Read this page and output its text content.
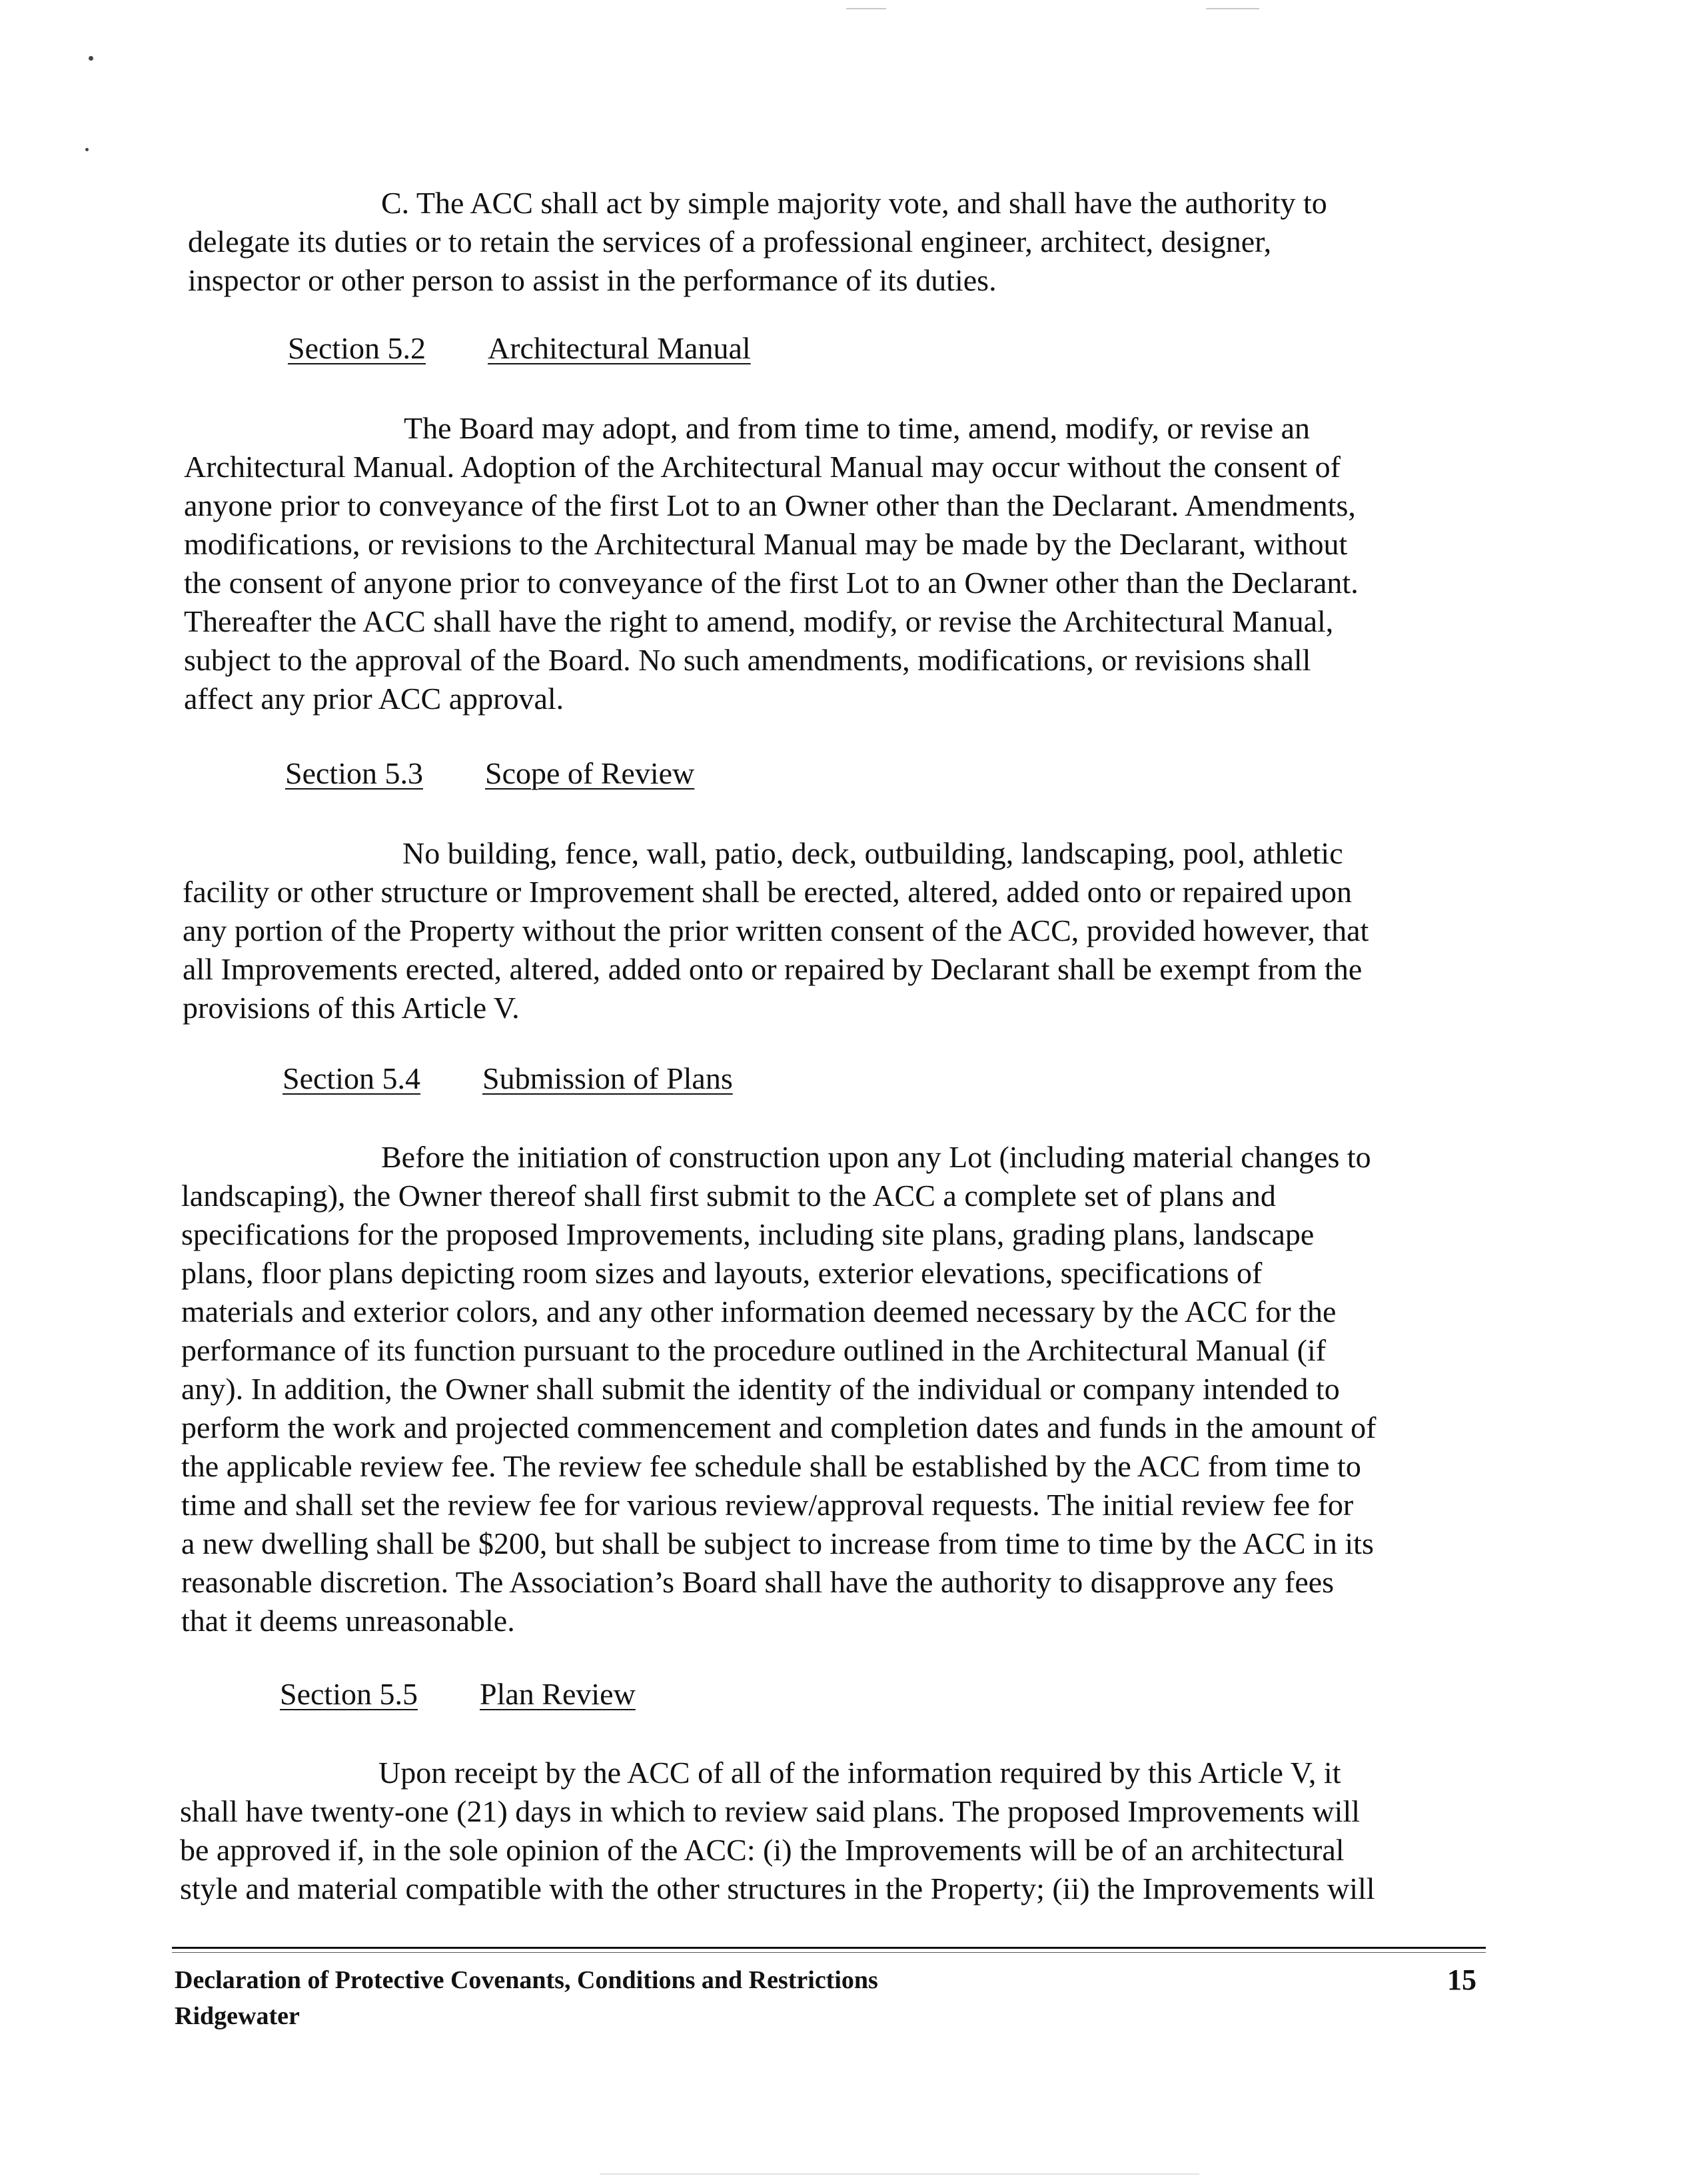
C. The ACC shall act by simple majority vote, and shall have the authority to
delegate its duties or to retain the services of a professional engineer, architect, designer,
inspector or other person to assist in the performance of its duties.
Section 5.2 Architectural Manual
The Board may adopt, and from time to time, amend, modify, or revise an
Architectural Manual. Adoption of the Architectural Manual may occur without the consent of
anyone prior to conveyance of the first Lot to an Owner other than the Declarant. Amendments,
modifications, or revisions to the Architectural Manual may be made by the Declarant, without
the consent of anyone prior to conveyance of the first Lot to an Owner other than the Declarant.
Thereafter the ACC shall have the right to amend, modify, or revise the Architectural Manual,
subject to the approval of the Board. No such amendments, modifications, or revisions shall
affect any prior ACC approval.
Section 5.3 Scope of Review
No building, fence, wall, patio, deck, outbuilding, landscaping, pool, athletic
facility or other structure or Improvement shall be erected, altered, added onto or repaired upon
any portion of the Property without the prior written consent of the ACC, provided however, that
all Improvements erected, altered, added onto or repaired by Declarant shall be exempt from the
provisions of this Article V.
Section 5.4 Submission of Plans
Before the initiation of construction upon any Lot (including material changes to
landscaping), the Owner thereof shall first submit to the ACC a complete set of plans and
specifications for the proposed Improvements, including site plans, grading plans, landscape
plans, floor plans depicting room sizes and layouts, exterior elevations, specifications of
materials and exterior colors, and any other information deemed necessary by the ACC for the
performance of its function pursuant to the procedure outlined in the Architectural Manual (if
any). In addition, the Owner shall submit the identity of the individual or company intended to
perform the work and projected commencement and completion dates and funds in the amount of
the applicable review fee. The review fee schedule shall be established by the ACC from time to
time and shall set the review fee for various review/approval requests. The initial review fee for
a new dwelling shall be $200, but shall be subject to increase from time to time by the ACC in its
reasonable discretion. The Association’s Board shall have the authority to disapprove any fees
that it deems unreasonable.
Section 5.5 Plan Review
Upon receipt by the ACC of all of the information required by this Article V, it
shall have twenty-one (21) days in which to review said plans. The proposed Improvements will
be approved if, in the sole opinion of the ACC: (i) the Improvements will be of an architectural
style and material compatible with the other structures in the Property; (ii) the Improvements will
Declaration of Protective Covenants, Conditions and Restrictions
Ridgewater
15
